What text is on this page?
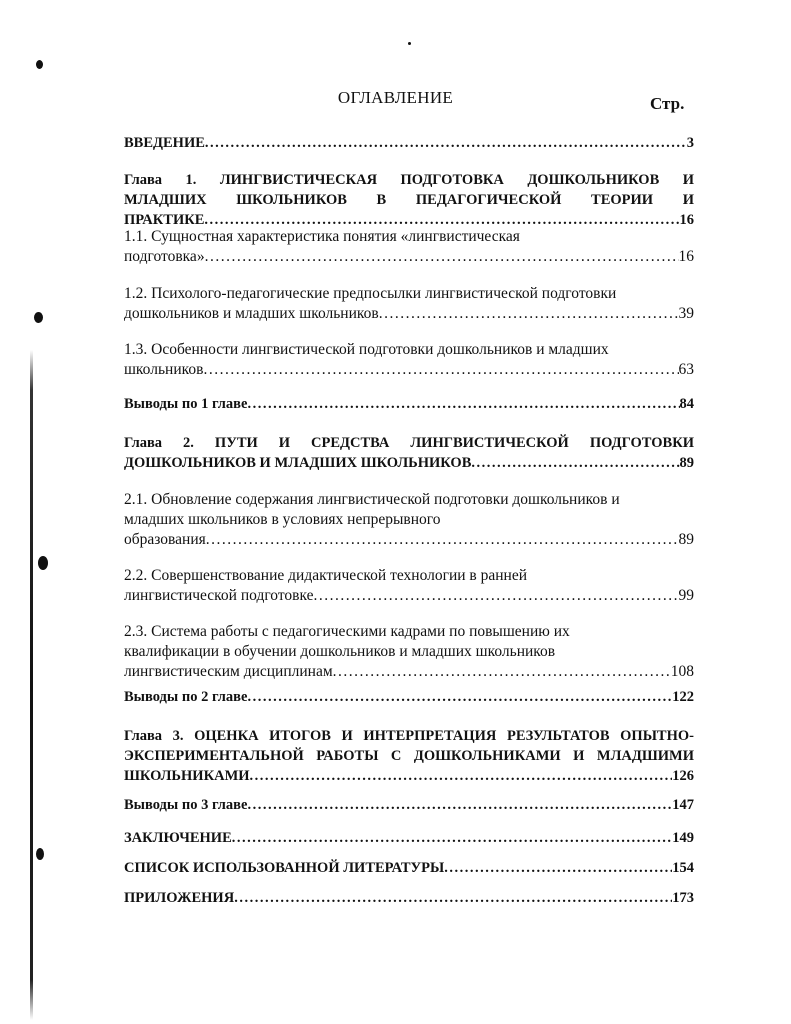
ОГЛАВЛЕНИЕ	Стр.
ВВЕДЕНИЕ .....	3
Глава 1. ЛИНГВИСТИЧЕСКАЯ ПОДГОТОВКА ДОШКОЛЬНИКОВ И
МЛАДШИХ ШКОЛЬНИКОВ В ПЕДАГОГИЧЕСКОЙ ТЕОРИИ И
ПРАКТИКЕ .....	16
1.1. Сущностная характеристика понятия «лингвистическая
подготовка» .....	16
1.2. Психолого-педагогические предпосылки лингвистической подготовки
дошкольников и младших школьников .....	39
1.3. Особенности лингвистической подготовки дошкольников и младших
школьников .....	63
Выводы по 1 главе .....	84
Глава 2. ПУТИ И СРЕДСТВА ЛИНГВИСТИЧЕСКОЙ ПОДГОТОВКИ
ДОШКОЛЬНИКОВ И МЛАДШИХ ШКОЛЬНИКОВ .....	89
2.1. Обновление содержания лингвистической подготовки дошкольников и
младших школьников в условиях непрерывного
образования .....	89
2.2. Совершенствование дидактической технологии в ранней
лингвистической подготовке .....	99
2.3. Система работы с педагогическими кадрами по повышению их
квалификации в обучении дошкольников и младших школьников
лингвистическим дисциплинам .....	108
Выводы по 2 главе .....	122
Глава 3. ОЦЕНКА ИТОГОВ И ИНТЕРПРЕТАЦИЯ РЕЗУЛЬТАТОВ ОПЫТНО-
ЭКСПЕРИМЕНТАЛЬНОЙ РАБОТЫ С ДОШКОЛЬНИКАМИ И МЛАДШИМИ
ШКОЛЬНИКАМИ .....	126
Выводы по 3 главе .....	147
ЗАКЛЮЧЕНИЕ .....	149
СПИСОК ИСПОЛЬЗОВАННОЙ ЛИТЕРАТУРЫ .....	154
ПРИЛОЖЕНИЯ .....	173
